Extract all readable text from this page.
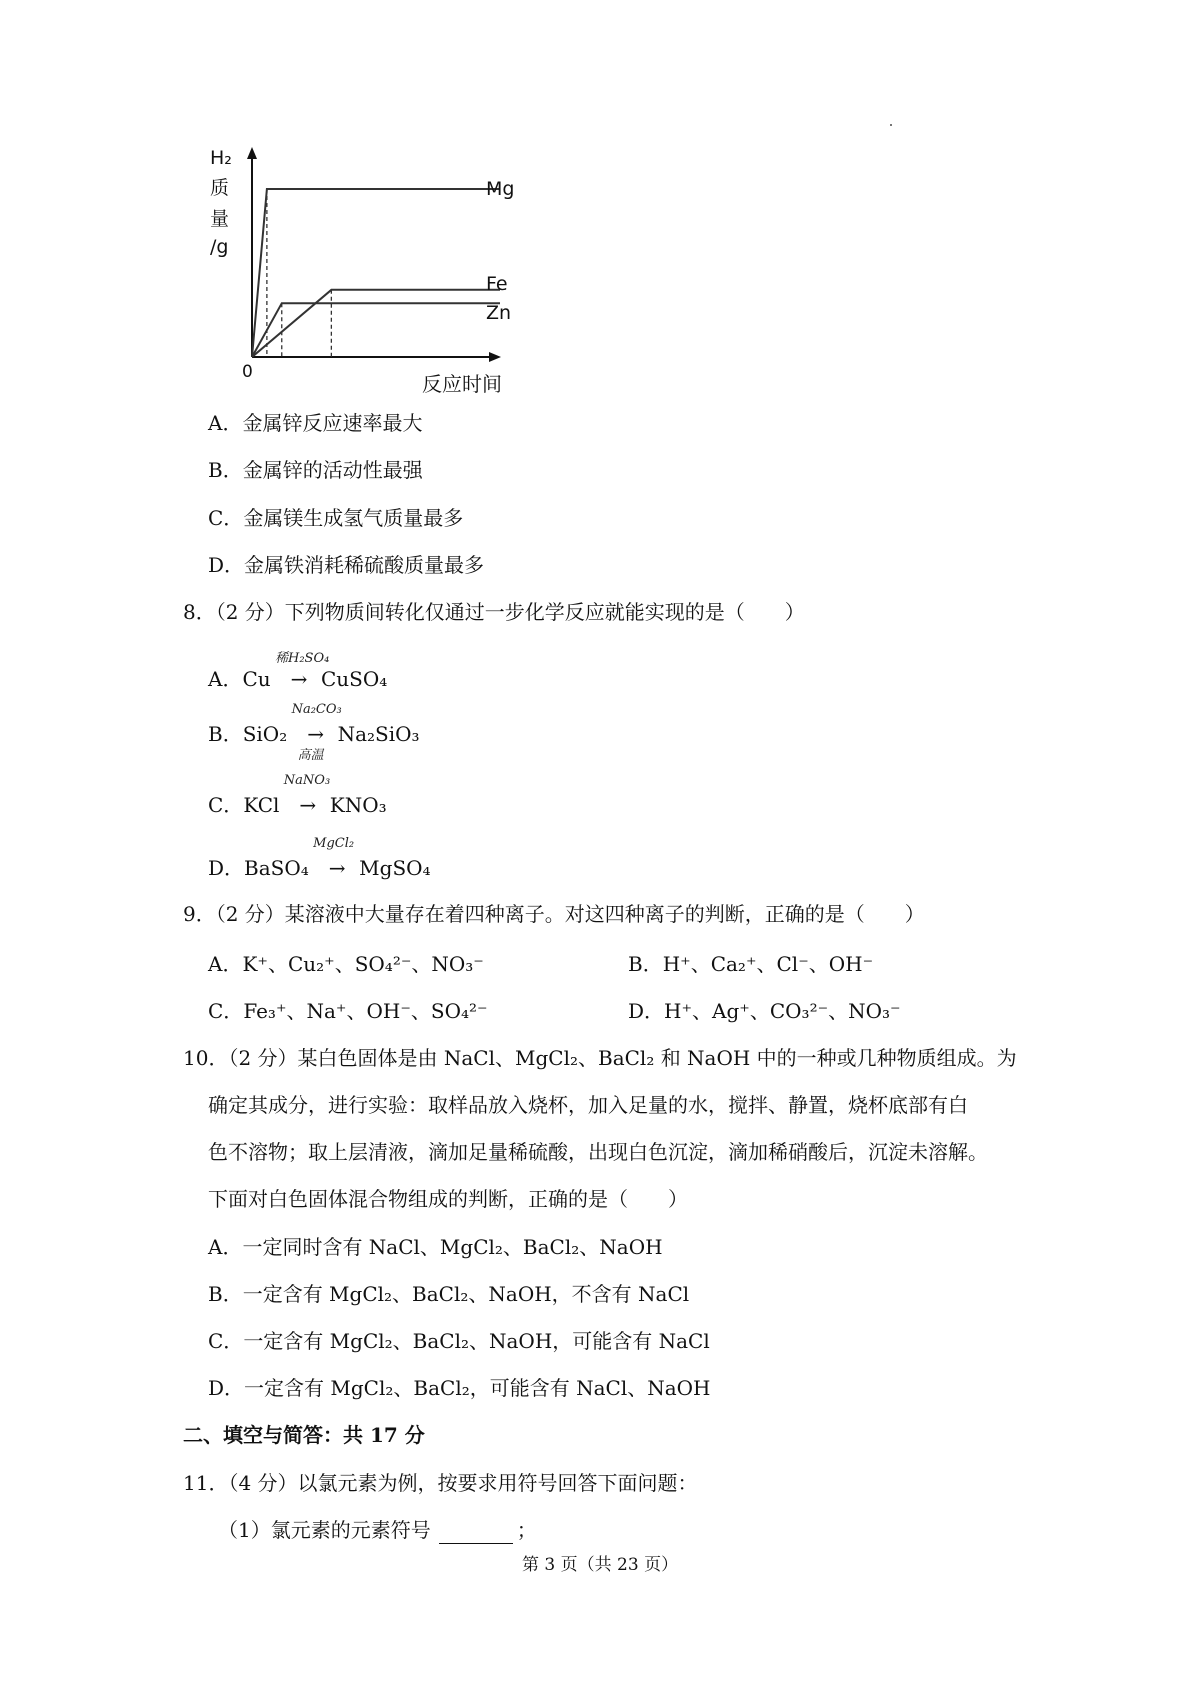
Mg
Zn
Fe
H₂
质
量
/g
0	反应时间
A．金属锌反应速率最大
B．金属锌的活动性最强
C．金属镁生成氢气质量最多
D．金属铁消耗稀硫酸质量最多
8．（2 分）下列物质间转化仅通过一步化学反应就能实现的是（　　）
A．Cu
稀H₂SO₄
→ CuSO₄
B．SiO₂
Na₂CO₃
→
高温
Na₂SiO₃
C．KCl
NaNO₃
→ KNO₃
D．BaSO₄
MgCl₂
→ MgSO₄
9．（2 分）某溶液中大量存在着四种离子。对这四种离子的判断，正确的是（　　）
A．K⁺、Cu₂⁺、SO₄²⁻、NO₃⁻	B．H⁺、Ca₂⁺、Cl⁻、OH⁻
C．Fe₃⁺、Na⁺、OH⁻、SO₄²⁻	D．H⁺、Ag⁺、CO₃²⁻、NO₃⁻
10．（2 分）某白色固体是由 NaCl、MgCl₂、BaCl₂ 和 NaOH 中的一种或几种物质组成。为
确定其成分，进行实验：取样品放入烧杯，加入足量的水，搅拌、静置，烧杯底部有白
色不溶物；取上层清液，滴加足量稀硫酸，出现白色沉淀，滴加稀硝酸后，沉淀未溶解。
下面对白色固体混合物组成的判断，正确的是（　　）
A．一定同时含有 NaCl、MgCl₂、BaCl₂、NaOH
B．一定含有 MgCl₂、BaCl₂、NaOH，不含有 NaCl
C．一定含有 MgCl₂、BaCl₂、NaOH，可能含有 NaCl
D．一定含有 MgCl₂、BaCl₂，可能含有 NaCl、NaOH
二、填空与简答：共 17 分
11．（4 分）以氯元素为例，按要求用符号回答下面问题：
（1）氯元素的元素符号	；
第 3 页（共 23 页）
